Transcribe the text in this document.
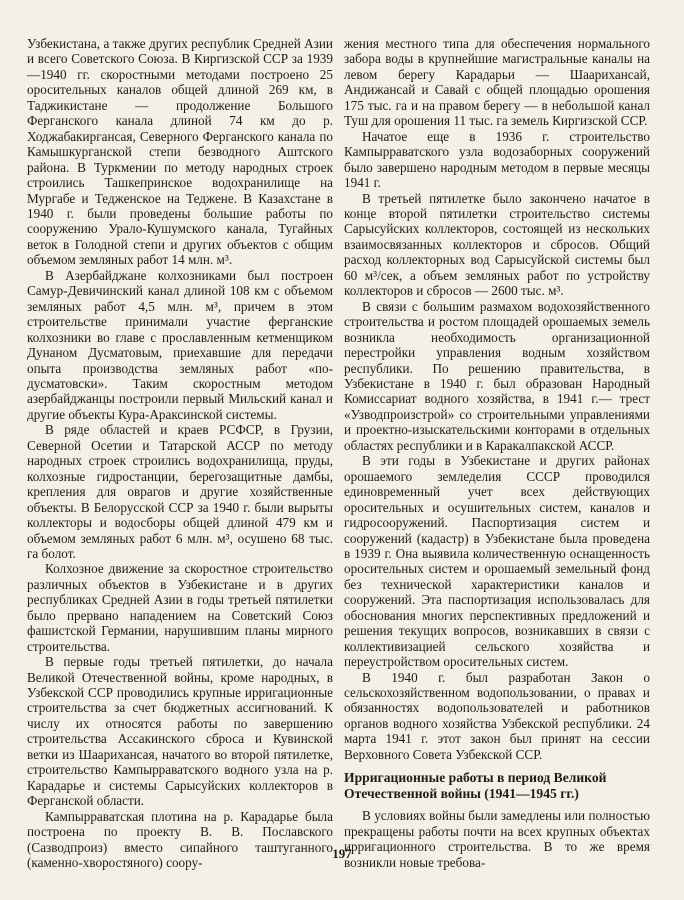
Узбекистана, а также других республик Средней Азии и всего Советского Союза. В Киргизской ССР за 1939—1940 гг. скоростными методами построено 25 оросительных каналов общей длиной 269 км, в Таджикистане — продолжение Большого Ферганского канала длиной 74 км до р. Ходжабакиргансая, Северного Ферганского канала по Камышкурганской степи безводного Аштского района. В Туркмении по методу народных строек строились Ташкепринское водохранилище на Мургабе и Тедженское на Теджене. В Казахстане в 1940 г. были проведены большие работы по сооружению Урало-Кушумского канала, Тугайных веток в Голодной степи и других объектов с общим объемом земляных работ 14 млн. м³.

В Азербайджане колхозниками был построен Самур-Девичинский канал длиной 108 км с объемом земляных работ 4,5 млн. м³, причем в этом строительстве принимали участие ферганские колхозники во главе с прославленным кетменщиком Дунаном Дусматовым, приехавшие для передачи опыта производства земляных работ «по-дусматовски». Таким скоростным методом азербайджанцы построили первый Мильский канал и другие объекты Кура-Араксинской системы.

В ряде областей и краев РСФСР, в Грузии, Северной Осетии и Татарской АССР по методу народных строек строились водохранилища, пруды, колхозные гидростанции, берегозащитные дамбы, крепления для оврагов и другие хозяйственные объекты. В Белорусской ССР за 1940 г. были вырыты коллекторы и водосборы общей длиной 479 км и объемом земляных работ 6 млн. м³, осушено 68 тыс. га болот.

Колхозное движение за скоростное строительство различных объектов в Узбекистане и в других республиках Средней Азии в годы третьей пятилетки было прервано нападением на Советский Союз фашистской Германии, нарушившим планы мирного строительства.

В первые годы третьей пятилетки, до начала Великой Отечественной войны, кроме народных, в Узбекской ССР проводились крупные ирригационные строительства за счет бюджетных ассигнований. К числу их относятся работы по завершению строительства Ассакинского сброса и Кувинской ветки из Шаарихансая, начатого во второй пятилетке, строительство Кампырраватского водного узла на р. Карадарье и системы Сарысуйских коллекторов в Ферганской области.

Кампырраватская плотина на р. Карадарье была построена по проекту В. В. Пославского (Сазводпроиз) вместо сипайного таштуганного (каменно-хворостяного) соору-

жения местного типа для обеспечения нормального забора воды в крупнейшие магистральные каналы на левом берегу Карадарьи — Шаарихансай, Андижансай и Савай с общей площадью орошения 175 тыс. га и на правом берегу — в небольшой канал Туш для орошения 11 тыс. га земель Киргизской ССР.

Начатое еще в 1936 г. строительство Кампырраватского узла водозаборных сооружений было завершено народным методом в первые месяцы 1941 г.

В третьей пятилетке было закончено начатое в конце второй пятилетки строительство системы Сарысуйских коллекторов, состоящей из нескольких взаимосвязанных коллекторов и сбросов. Общий расход коллекторных вод Сарысуйской системы был 60 м³/сек, а объем земляных работ по устройству коллекторов и сбросов — 2600 тыс. м³.

В связи с большим размахом водохозяйственного строительства и ростом площадей орошаемых земель возникла необходимость организационной перестройки управления водным хозяйством республики. По решению правительства, в Узбекистане в 1940 г. был образован Народный Комиссариат водного хозяйства, в 1941 г.— трест «Узводпроизстрой» со строительными управлениями и проектно-изыскательскими конторами в отдельных областях республики и в Каракалпакской АССР.

В эти годы в Узбекистане и других районах орошаемого земледелия СССР проводился единовременный учет всех действующих оросительных и осушительных систем, каналов и гидросооружений. Паспортизация систем и сооружений (кадастр) в Узбекистане была проведена в 1939 г. Она выявила количественную оснащенность оросительных систем и орошаемый земельный фонд без технической характеристики каналов и сооружений. Эта паспортизация использовалась для обоснования многих перспективных предложений и решения текущих вопросов, возникавших в связи с коллективизацией сельского хозяйства и переустройством оросительных систем.

В 1940 г. был разработан Закон о сельскохозяйственном водопользовании, о правах и обязанностях водопользователей и работников органов водного хозяйства Узбекской республики. 24 марта 1941 г. этот закон был принят на сессии Верховного Совета Узбекской ССР.

Ирригационные работы в период Великой Отечественной войны (1941—1945 гг.)

В условиях войны были замедлены или полностью прекращены работы почти на всех крупных объектах ирригационного строительства. В то же время возникли новые требова-

197
